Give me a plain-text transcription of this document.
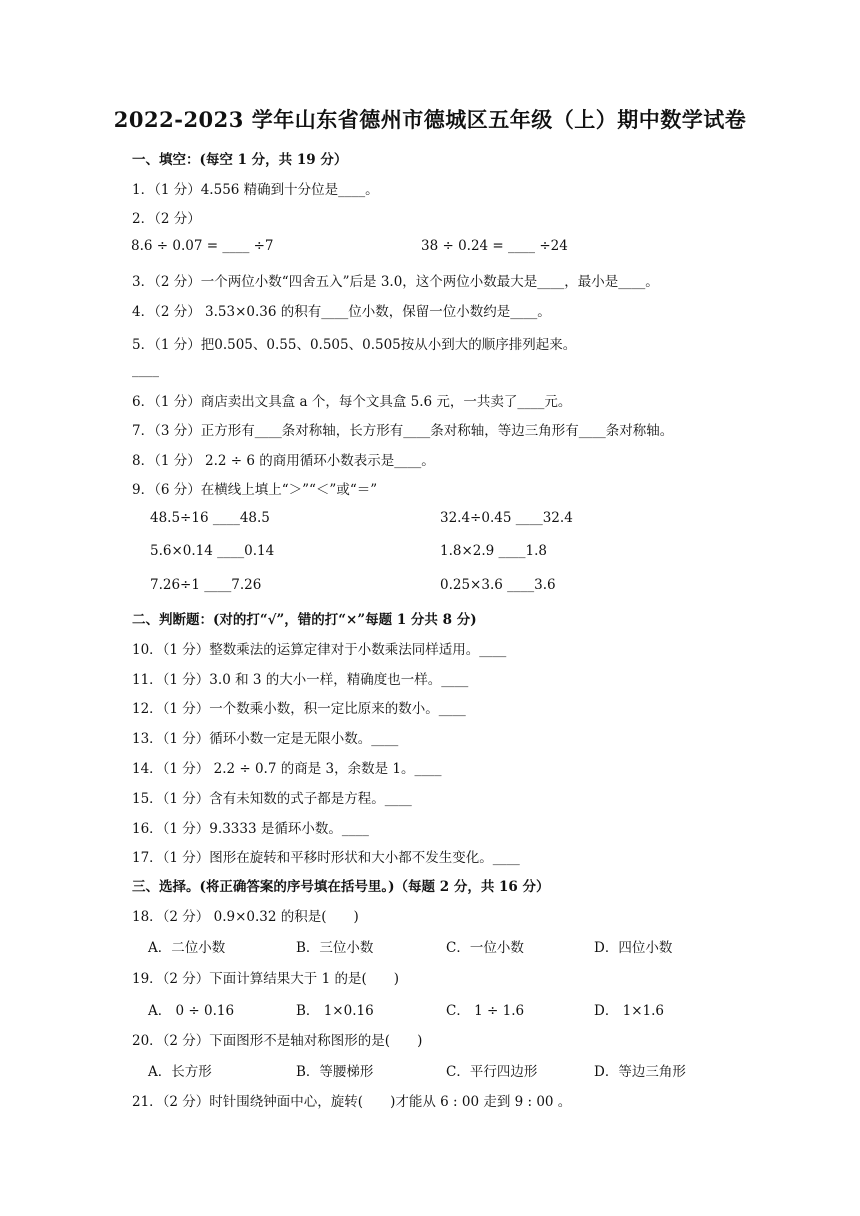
2022-2023 学年山东省德州市德城区五年级（上）期中数学试卷
一、填空：(每空 1 分，共 19 分）
1．（1 分）4.556 精确到十分位是____。
2．（2 分）
8.6 ÷ 0.07 = ____ ÷7	38 ÷ 0.24 = ____ ÷24
3．（2 分）一个两位小数“四舍五入”后是 3.0，这个两位小数最大是____，最小是____。
4．（2 分） 3.53×0.36 的积有____位小数，保留一位小数约是____。
5．（1 分）把0.505、0.55、0.505、0.505按从小到大的顺序排列起来。
____
6．（1 分）商店卖出文具盒 a 个，每个文具盒 5.6 元，一共卖了____元。
7．（3 分）正方形有____条对称轴，长方形有____条对称轴，等边三角形有____条对称轴。
8．（1 分） 2.2 ÷ 6 的商用循环小数表示是____。
9．（6 分）在横线上填上“＞”“＜”或“＝”
48.5÷16 ____48.5	32.4÷0.45 ____32.4
5.6×0.14 ____0.14	1.8×2.9 ____1.8
7.26÷1 ____7.26	0.25×3.6 ____3.6
二、判断题：(对的打“√”，错的打“×”每题 1 分共 8 分)
10．（1 分）整数乘法的运算定律对于小数乘法同样适用。____
11．（1 分）3.0 和 3 的大小一样，精确度也一样。____
12．（1 分）一个数乘小数，积一定比原来的数小。____
13．（1 分）循环小数一定是无限小数。____
14．（1 分） 2.2 ÷ 0.7 的商是 3，余数是 1。____
15．（1 分）含有未知数的式子都是方程。____
16．（1 分）9.3333 是循环小数。____
17．（1 分）图形在旋转和平移时形状和大小都不发生变化。____
三、选择。(将正确答案的序号填在括号里。)（每题 2 分，共 16 分）
18．（2 分） 0.9×0.32 的积是(　　)
A．二位小数	B．三位小数	C．一位小数	D．四位小数
19．（2 分）下面计算结果大于 1 的是(　　)
A． 0 ÷ 0.16	B． 1×0.16	C． 1 ÷ 1.6	D． 1×1.6
20．（2 分）下面图形不是轴对称图形的是(　　)
A．长方形	B．等腰梯形	C．平行四边形	D．等边三角形
21．（2 分）时针围绕钟面中心，旋转(　　)才能从 6 : 00 走到 9 : 00 。
